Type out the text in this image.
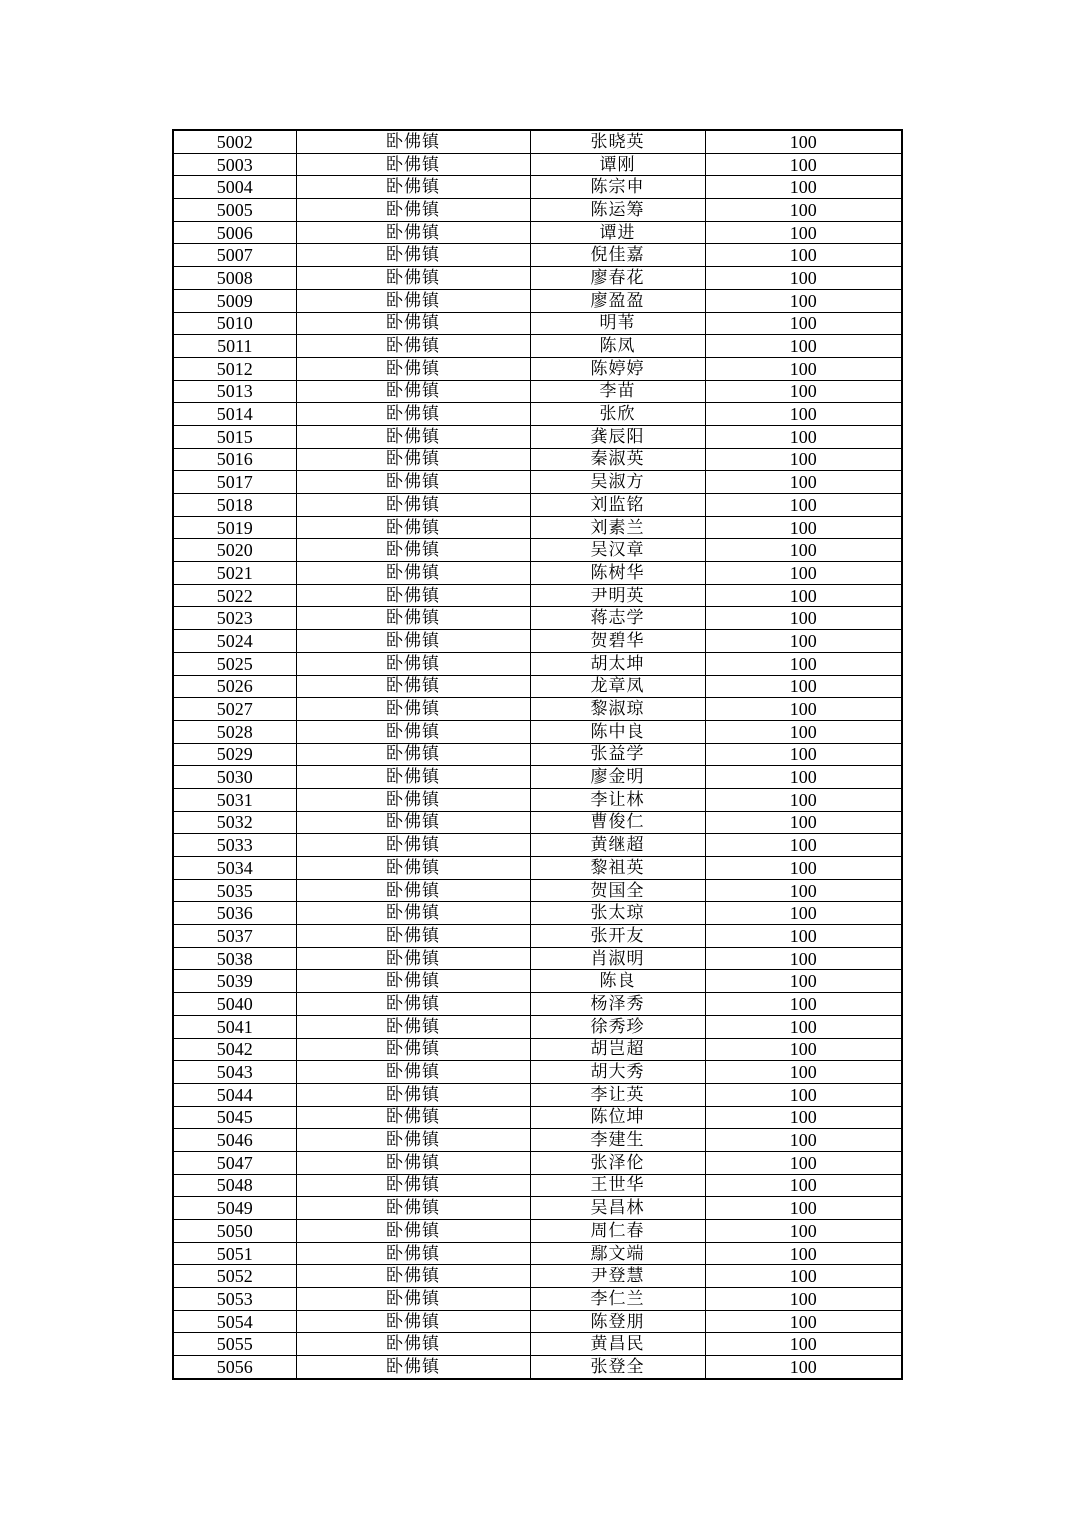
5002	卧佛镇	张晓英	100
5003	卧佛镇	谭刚	100
5004	卧佛镇	陈宗申	100
5005	卧佛镇	陈运筹	100
5006	卧佛镇	谭进	100
5007	卧佛镇	倪佳嘉	100
5008	卧佛镇	廖春花	100
5009	卧佛镇	廖盈盈	100
5010	卧佛镇	明苇	100
5011	卧佛镇	陈凤	100
5012	卧佛镇	陈婷婷	100
5013	卧佛镇	李苗	100
5014	卧佛镇	张欣	100
5015	卧佛镇	龚辰阳	100
5016	卧佛镇	秦淑英	100
5017	卧佛镇	吴淑方	100
5018	卧佛镇	刘监铭	100
5019	卧佛镇	刘素兰	100
5020	卧佛镇	吴汉章	100
5021	卧佛镇	陈树华	100
5022	卧佛镇	尹明英	100
5023	卧佛镇	蒋志学	100
5024	卧佛镇	贺碧华	100
5025	卧佛镇	胡太坤	100
5026	卧佛镇	龙章凤	100
5027	卧佛镇	黎淑琼	100
5028	卧佛镇	陈中良	100
5029	卧佛镇	张益学	100
5030	卧佛镇	廖金明	100
5031	卧佛镇	李让林	100
5032	卧佛镇	曹俊仁	100
5033	卧佛镇	黄继超	100
5034	卧佛镇	黎祖英	100
5035	卧佛镇	贺国全	100
5036	卧佛镇	张太琼	100
5037	卧佛镇	张开友	100
5038	卧佛镇	肖淑明	100
5039	卧佛镇	陈良	100
5040	卧佛镇	杨泽秀	100
5041	卧佛镇	徐秀珍	100
5042	卧佛镇	胡岂超	100
5043	卧佛镇	胡大秀	100
5044	卧佛镇	李让英	100
5045	卧佛镇	陈位坤	100
5046	卧佛镇	李建生	100
5047	卧佛镇	张泽伦	100
5048	卧佛镇	王世华	100
5049	卧佛镇	吴昌林	100
5050	卧佛镇	周仁春	100
5051	卧佛镇	鄢文端	100
5052	卧佛镇	尹登慧	100
5053	卧佛镇	李仁兰	100
5054	卧佛镇	陈登朋	100
5055	卧佛镇	黄昌民	100
5056	卧佛镇	张登全	100
